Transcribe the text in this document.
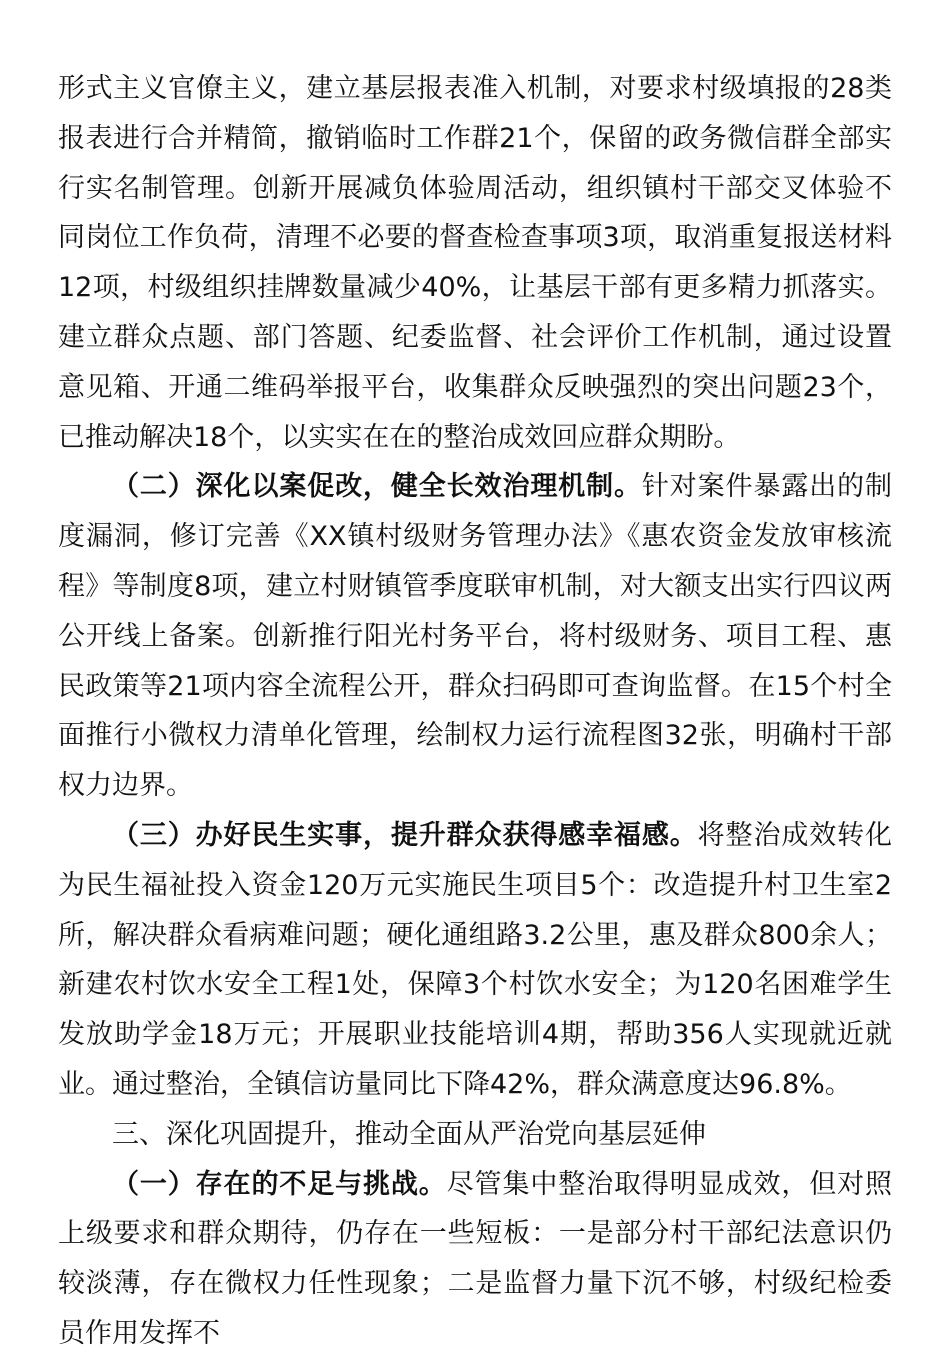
形式主义官僚主义，建立基层报表准入机制，对要求村级填报的28类报表进行合并精简，撤销临时工作群21个，保留的政务微信群全部实行实名制管理。创新开展减负体验周活动，组织镇村干部交叉体验不同岗位工作负荷，清理不必要的督查检查事项3项，取消重复报送材料12项，村级组织挂牌数量减少40%，让基层干部有更多精力抓落实。建立群众点题、部门答题、纪委监督、社会评价工作机制，通过设置意见箱、开通二维码举报平台，收集群众反映强烈的突出问题23个，已推动解决18个，以实实在在的整治成效回应群众期盼。

（二）深化以案促改，健全长效治理机制。针对案件暴露出的制度漏洞，修订完善《XX镇村级财务管理办法》《惠农资金发放审核流程》等制度8项，建立村财镇管季度联审机制，对大额支出实行四议两公开线上备案。创新推行阳光村务平台，将村级财务、项目工程、惠民政策等21项内容全流程公开，群众扫码即可查询监督。在15个村全面推行小微权力清单化管理，绘制权力运行流程图32张，明确村干部权力边界。

（三）办好民生实事，提升群众获得感幸福感。将整治成效转化为民生福祉投入资金120万元实施民生项目5个：改造提升村卫生室2所，解决群众看病难问题；硬化通组路3.2公里，惠及群众800余人；新建农村饮水安全工程1处，保障3个村饮水安全；为120名困难学生发放助学金18万元；开展职业技能培训4期，帮助356人实现就近就业。通过整治，全镇信访量同比下降42%，群众满意度达96.8%。

三、深化巩固提升，推动全面从严治党向基层延伸

（一）存在的不足与挑战。尽管集中整治取得明显成效，但对照上级要求和群众期待，仍存在一些短板：一是部分村干部纪法意识仍较淡薄，存在微权力任性现象；二是监督力量下沉不够，村级纪检委员作用发挥不
